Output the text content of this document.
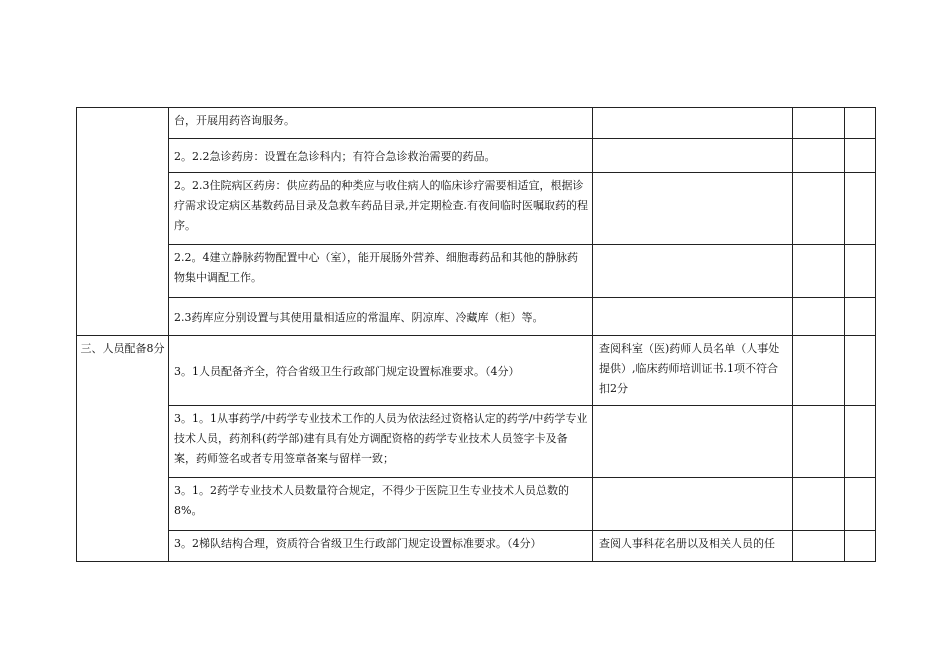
	台，开展用药咨询服务。			

	2。2.2急诊药房：设置在急诊科内；有符合急诊救治需要的药品。			

	2。2.3住院病区药房：供应药品的种类应与收住病人的临床诊疗需要相适宜，根据诊疗需求设定病区基数药品目录及急救车药品目录,并定期检查.有夜间临时医嘱取药的程序。			

	2.2。4建立静脉药物配置中心（室），能开展肠外营养、细胞毒药品和其他的静脉药物集中调配工作。			

	2.3药库应分别设置与其使用量相适应的常温库、阴凉库、冷藏库（柜）等。			

三、人员配备8分	3。1人员配备齐全，符合省级卫生行政部门规定设置标准要求。（4分）	查阅科室（医)药师人员名单（人事处提供）,临床药师培训证书.1项不符合扣2分		

	3。1。1从事药学/中药学专业技术工作的人员为依法经过资格认定的药学/中药学专业技术人员，药剂科(药学部)建有具有处方调配资格的药学专业技术人员签字卡及备案，药师签名或者专用签章备案与留样一致；			

	3。1。2药学专业技术人员数量符合规定，不得少于医院卫生专业技术人员总数的8%。			

	3。2梯队结构合理，资质符合省级卫生行政部门规定设置标准要求。（4分）	查阅人事科花名册以及相关人员的任		
